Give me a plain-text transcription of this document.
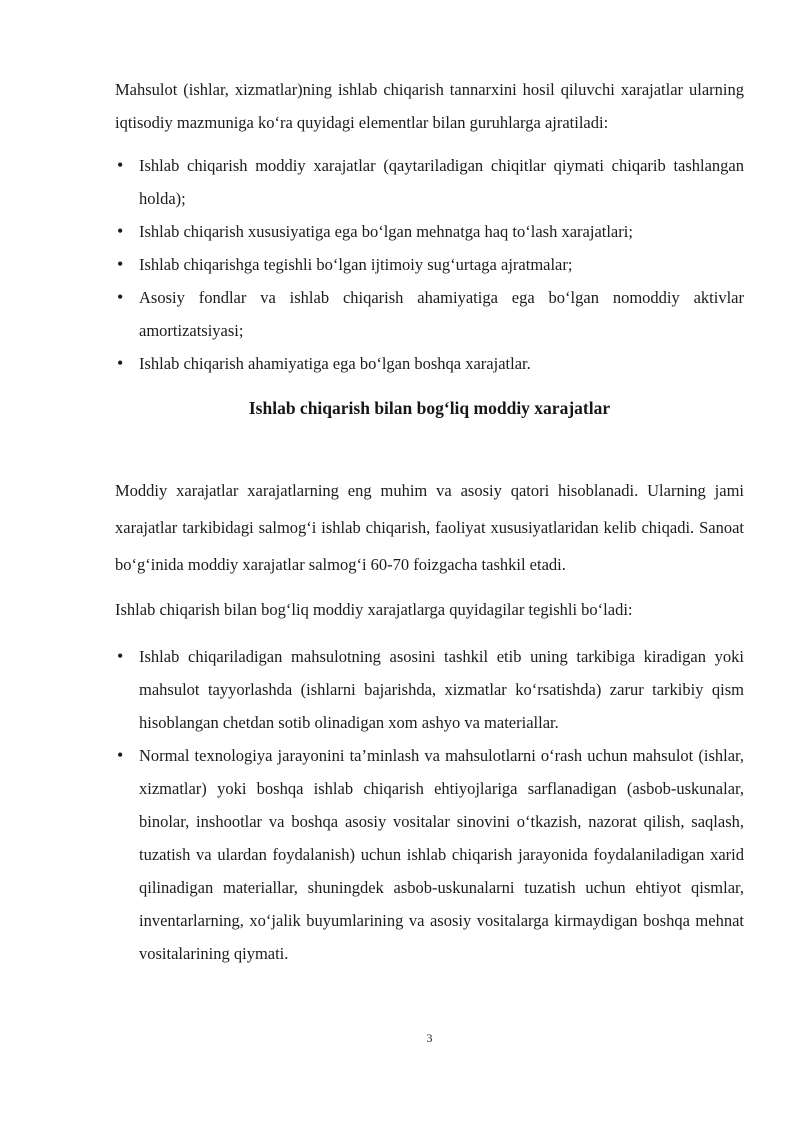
Mahsulot (ishlar, xizmatlar)ning ishlab chiqarish tannarxini hosil qiluvchi xarajatlar ularning iqtisodiy mazmuniga ko‘ra quyidagi elementlar bilan guruhlarga ajratiladi:

• Ishlab chiqarish moddiy xarajatlar (qaytariladigan chiqitlar qiymati chiqarib tashlangan holda);
• Ishlab chiqarish xususiyatiga ega bo‘lgan mehnatga haq to‘lash xarajatlari;
• Ishlab chiqarishga tegishli bo‘lgan ijtimoiy sug‘urtaga ajratmalar;
• Asosiy fondlar va ishlab chiqarish ahamiyatiga ega bo‘lgan nomoddiy aktivlar amortizatsiyasi;
• Ishlab chiqarish ahamiyatiga ega bo‘lgan boshqa xarajatlar.
Ishlab chiqarish bilan bog‘liq moddiy xarajatlar

Moddiy xarajatlar xarajatlarning eng muhim va asosiy qatori hisoblanadi. Ularning jami xarajatlar tarkibidagi salmog‘i ishlab chiqarish, faoliyat xususiyatlaridan kelib chiqadi. Sanoat bo‘g‘inida moddiy xarajatlar salmog‘i 60-70 foizgacha tashkil etadi.

Ishlab chiqarish bilan bog‘liq moddiy xarajatlarga quyidagilar tegishli bo‘ladi:

• Ishlab chiqariladigan mahsulotning asosini tashkil etib uning tarkibiga kiradigan yoki mahsulot tayyorlashda (ishlarni bajarishda, xizmatlar ko‘rsatishda) zarur tarkibiy qism hisoblangan chetdan sotib olinadigan xom ashyo va materiallar.
• Normal texnologiya jarayonini ta’minlash va mahsulotlarni o‘rash uchun mahsulot (ishlar, xizmatlar) yoki boshqa ishlab chiqarish ehtiyojlariga sarflanadigan (asbob-uskunalar, binolar, inshootlar va boshqa asosiy vositalar sinovini o‘tkazish, nazorat qilish, saqlash, tuzatish va ulardan foydalanish) uchun ishlab chiqarish jarayonida foydalaniladigan xarid qilinadigan materiallar, shuningdek asbob-uskunalarni tuzatish uchun ehtiyot qismlar, inventarlarning, xo‘jalik buyumlarining va asosiy vositalarga kirmaydigan boshqa mehnat vositalarining qiymati.
3
